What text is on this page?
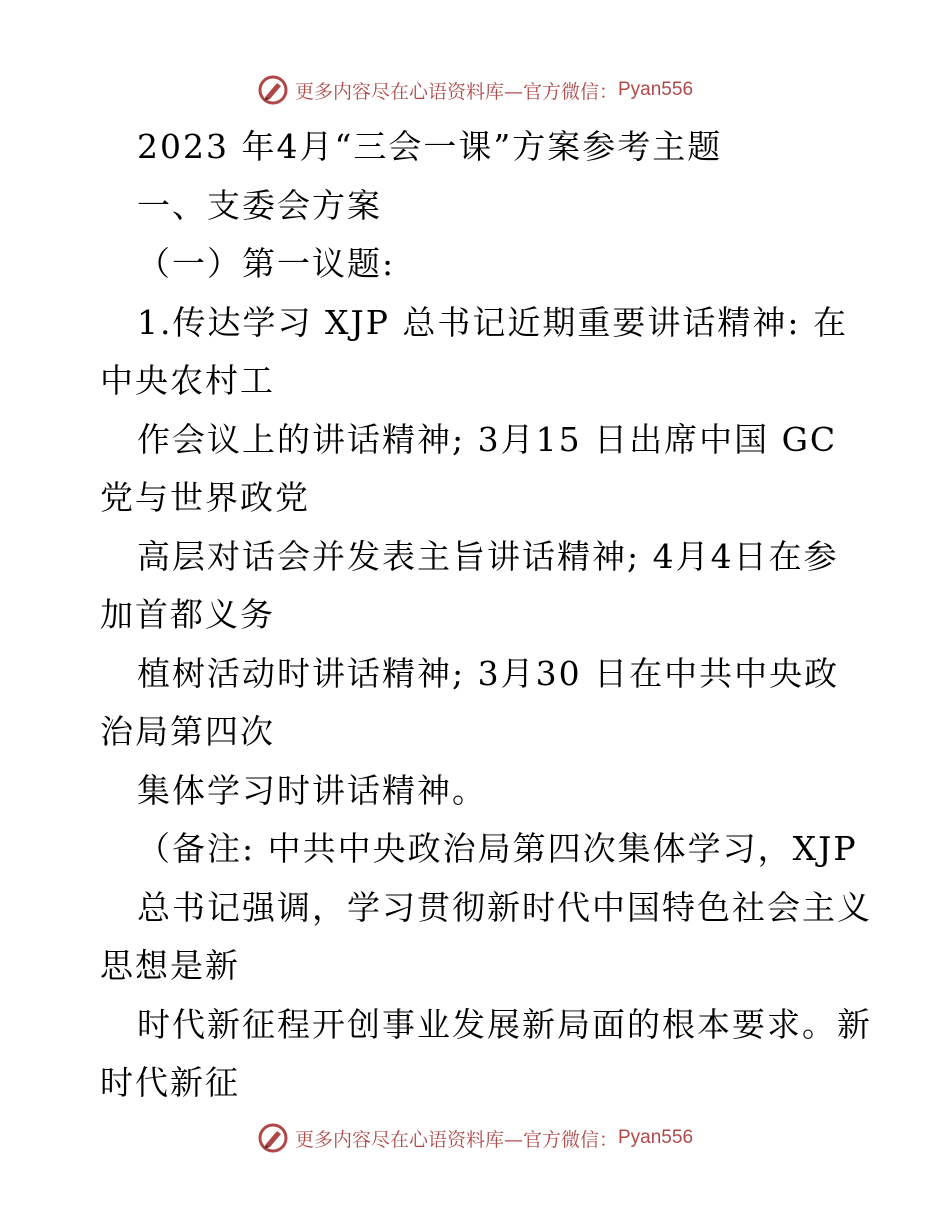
更多内容尽在心语资料库—官方微信： Pyan556
2023 年4月“三会一课”方案参考主题
一、支委会方案
（一）第一议题:
1.传达学习 XJP 总书记近期重要讲话精神: 在
中央农村工
作会议上的讲话精神; 3月15 日出席中国 GC
党与世界政党
高层对话会并发表主旨讲话精神; 4月4日在参
加首都义务
植树活动时讲话精神; 3月30 日在中共中央政
治局第四次
集体学习时讲话精神。
（备注: 中共中央政治局第四次集体学习，XJP
总书记强调，学习贯彻新时代中国特色社会主义
思想是新
时代新征程开创事业发展新局面的根本要求。新
时代新征
更多内容尽在心语资料库—官方微信： Pyan556
